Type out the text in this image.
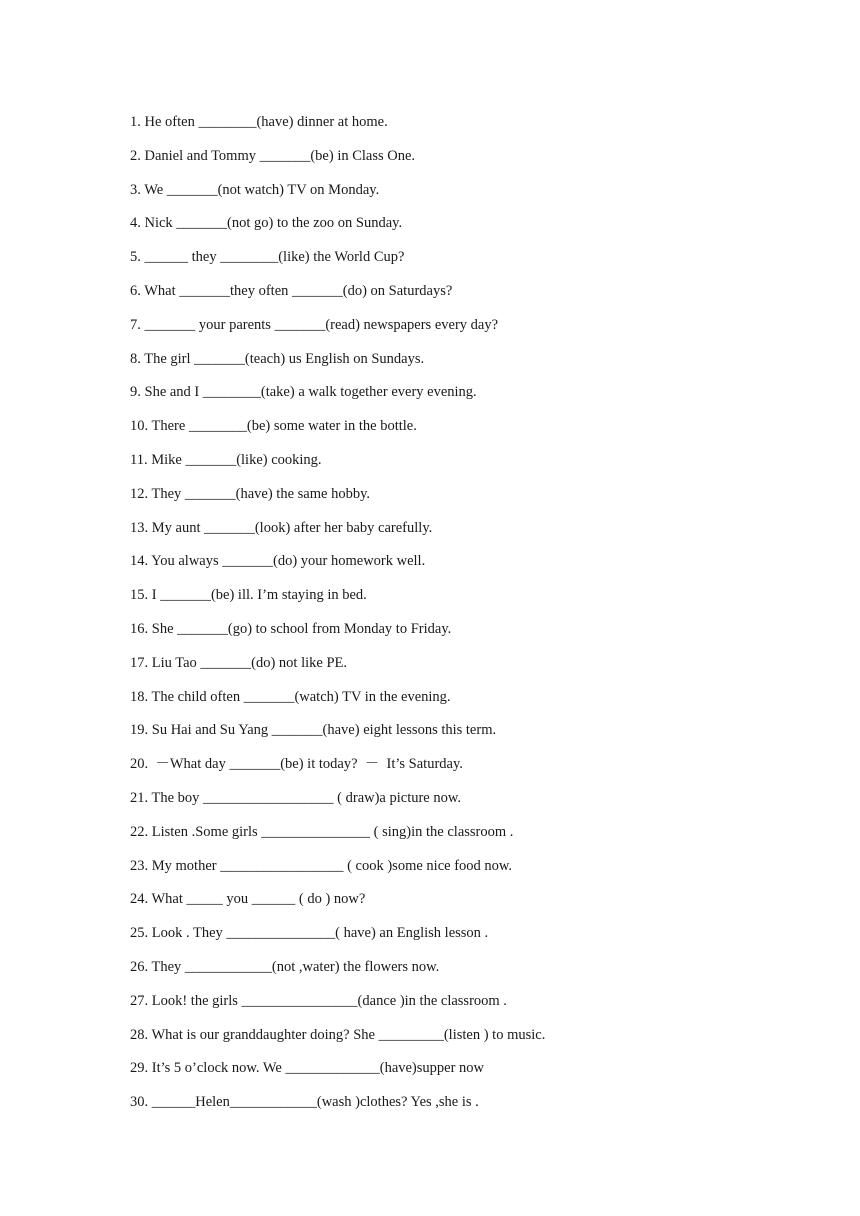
1. He often ________(have) dinner at home.
2. Daniel and Tommy _______(be) in Class One.
3. We _______(not watch) TV on Monday.
4. Nick _______(not go) to the zoo on Sunday.
5. ______ they ________(like) the World Cup?
6. What _______they often _______(do) on Saturdays?
7. _______ your parents _______(read) newspapers every day?
8. The girl _______(teach) us English on Sundays.
9. She and I ________(take) a walk together every evening.
10. There ________(be) some water in the bottle.
11. Mike _______(like) cooking.
12. They _______(have) the same hobby.
13. My aunt _______(look) after her baby carefully.
14. You always _______(do) your homework well.
15. I _______(be) ill. I’m staying in bed.
16. She _______(go) to school from Monday to Friday.
17. Liu Tao _______(do) not like PE.
18. The child often _______(watch) TV in the evening.
19. Su Hai and Su Yang _______(have) eight lessons this term.
20.  －What day _______(be) it today?  －  It’s Saturday.
21. The boy __________________ ( draw)a picture now.
22. Listen .Some girls _______________ ( sing)in the classroom .
23. My mother _________________ ( cook )some nice food now.
24. What _____ you ______ ( do ) now?
25. Look . They _______________( have) an English lesson .
26. They ____________(not ,water) the flowers now.
27. Look! the girls ________________(dance )in the classroom .
28. What is our granddaughter doing? She _________(listen ) to music.
29. It’s 5 o’clock now. We _____________(have)supper now
30. ______Helen____________(wash )clothes? Yes ,she is .
